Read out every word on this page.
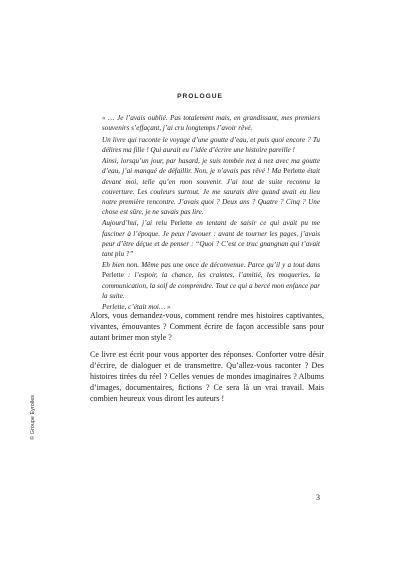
PROLOGUE

« … Je l’avais oublié. Pas totalement mais, en grandissant, mes premiers souvenirs s’effaçant, j’ai cru longtemps l’avoir rêvé.

Un livre qui raconte le voyage d’une goutte d’eau, et puis quoi encore ? Tu délires ma fille ! Qui aurait eu l’idée d’écrire une histoire pareille !

Ainsi, lorsqu’un jour, par hasard, je suis tombée nez à nez avec ma goutte d’eau, j’ai manqué de défaillir. Non, je n’avais pas rêvé ! Ma Perlette était devant moi, telle qu’en mon souvenir. J’ai tout de suite reconnu la couverture. Les couleurs surtout. Je me saurais dire quand avait eu lieu notre première rencontre. J’avais quoi ? Deux ans ? Quatre ? Cinq ? Une chose est sûre, je ne savais pas lire.

Aujourd’hui, j’ai relu Perlette en tentant de saisir ce qui avait pu me fasciner à l’époque. Je peux l’avouer : avant de tourner les pages, j’avais peur d’être déçue et de penser : “Quoi ? C’est ce truc gnangnan qui t’avait tant plu ?”

Eh bien non. Même pas une once de déconvenue. Parce qu’il y a tout dans Perlette : l’espoir, la chance, les craintes, l’amitié, les moqueries, la communication, la soif de comprendre. Tout ce qui a bercé mon enfance par la suite.

Perlette, c’était moi… »

Alors, vous demandez-vous, comment rendre mes histoires captivantes, vivantes, émouvantes ? Comment écrire de façon accessible sans pour autant brimer mon style ?

Ce livre est écrit pour vous apporter des réponses. Conforter votre désir d’écrire, de dialoguer et de transmettre. Qu’allez-vous raconter ? Des histoires tirées du réel ? Celles venues de mondes imaginaires ? Albums d’images, documentaires, fictions ? Ce sera là un vrai travail. Mais combien heureux vous diront les auteurs !

© Groupe Eyrolles
3
